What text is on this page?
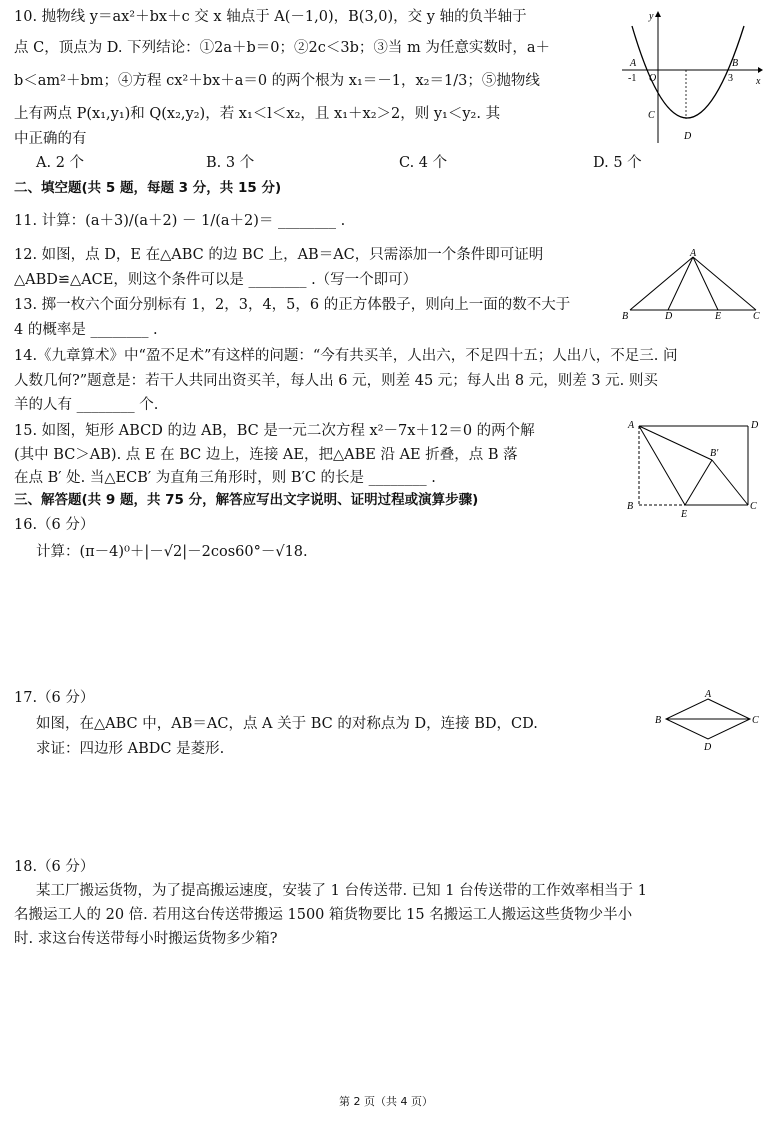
10. 抛物线 y＝ax²＋bx＋c 交 x 轴点于 A(－1,0)，B(3,0)，交 y 轴的负半轴于
点 C，顶点为 D. 下列结论：①2a＋b＝0；②2c＜3b；③当 m 为任意实数时，a＋
b＜am²＋bm；④方程 cx²＋bx＋a＝0 的两个根为 x₁＝－1，x₂＝1/3；⑤抛物线
上有两点 P(x₁,y₁)和 Q(x₂,y₂)，若 x₁＜l＜x₂，且 x₁＋x₂＞2，则 y₁＜y₂. 其
中正确的有
A. 2 个	B. 3 个	C. 4 个	D. 5 个
y
x
A
-1 O	3
B
C
D
二、填空题(共 5 题，每题 3 分，共 15 分)
11. 计算：(a＋3)/(a＋2) － 1/(a＋2)＝ ________ .
12. 如图，点 D，E 在△ABC 的边 BC 上，AB＝AC，只需添加一个条件即可证明
△ABD≌△ACE，则这个条件可以是 ________ .（写一个即可）
A
B	D	E	C
13. 掷一枚六个面分别标有 1，2，3，4，5，6 的正方体骰子，则向上一面的数不大于
4 的概率是 ________ .
14.《九章算术》中“盈不足术”有这样的问题：“今有共买羊，人出六，不足四十五；人出八，不足三. 问
人数几何?”题意是：若干人共同出资买羊，每人出 6 元，则差 45 元；每人出 8 元，则差 3 元. 则买
羊的人有 ________ 个.
15. 如图，矩形 ABCD 的边 AB，BC 是一元二次方程 x²－7x＋12＝0 的两个解
(其中 BC＞AB). 点 E 在 BC 边上，连接 AE，把△ABE 沿 AE 折叠，点 B 落
在点 B′ 处. 当△ECB′ 为直角三角形时，则 B′C 的长是 ________ .
A	D
B′
B
E
C
三、解答题(共 9 题，共 75 分，解答应写出文字说明、证明过程或演算步骤)
16.（6 分）
计算：(π－4)⁰＋|－√2|－2cos60°－√18.
17.（6 分）
如图，在△ABC 中，AB＝AC，点 A 关于 BC 的对称点为 D，连接 BD，CD.
求证：四边形 ABDC 是菱形.
A
B	C
D
18.（6 分）
某工厂搬运货物，为了提高搬运速度，安装了 1 台传送带. 已知 1 台传送带的工作效率相当于 1
名搬运工人的 20 倍. 若用这台传送带搬运 1500 箱货物要比 15 名搬运工人搬运这些货物少半小
时. 求这台传送带每小时搬运货物多少箱?
第 2 页（共 4 页）
